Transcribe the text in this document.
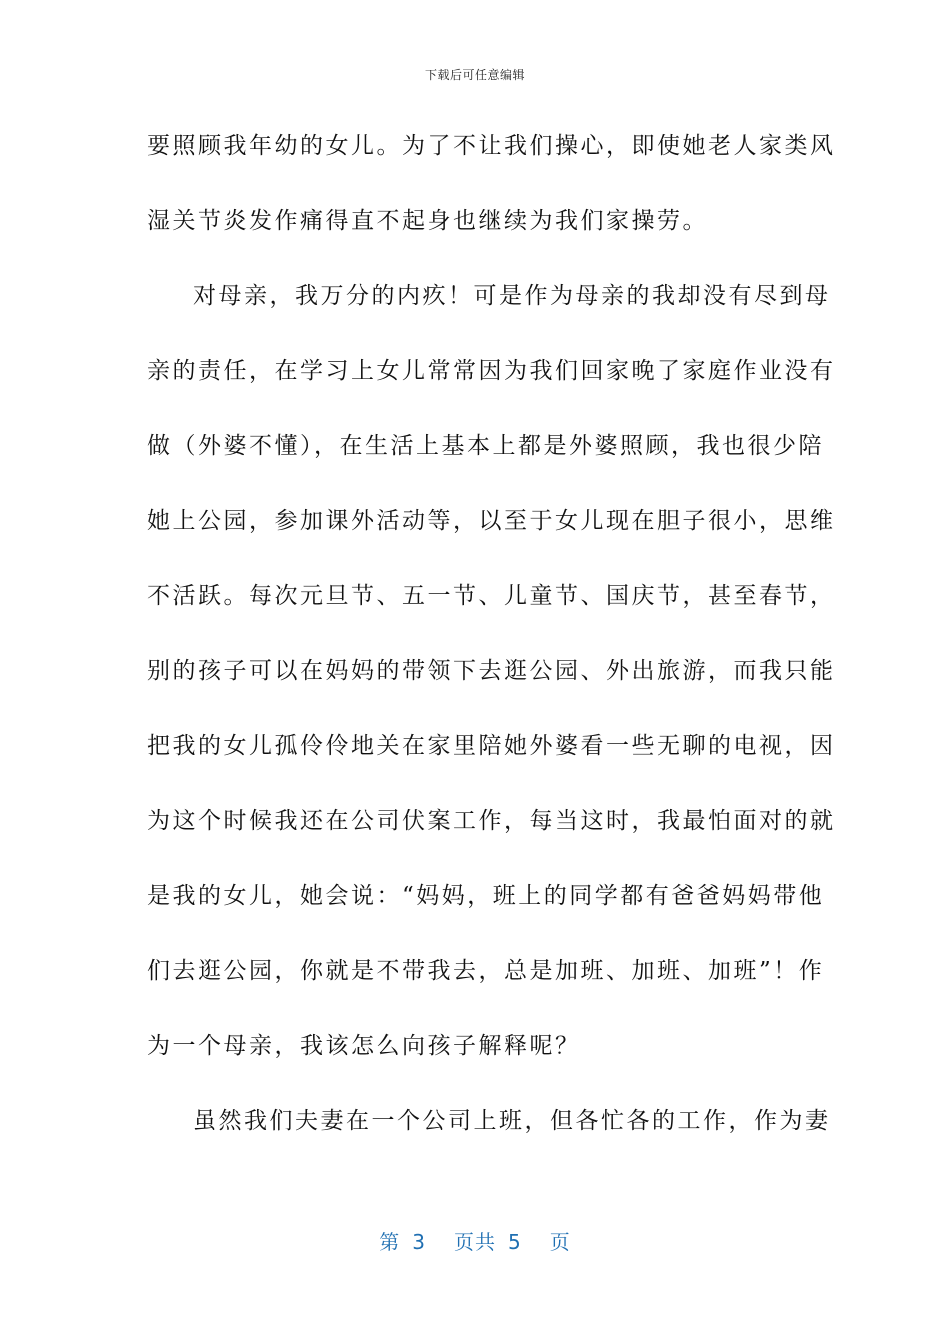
下载后可任意编辑
要照顾我年幼的女儿。为了不让我们操心，即使她老人家类风
湿关节炎发作痛得直不起身也继续为我们家操劳。
对母亲，我万分的内疚！可是作为母亲的我却没有尽到母
亲的责任，在学习上女儿常常因为我们回家晚了家庭作业没有
做（外婆不懂），在生活上基本上都是外婆照顾，我也很少陪
她上公园，参加课外活动等，以至于女儿现在胆子很小，思维
不活跃。每次元旦节、五一节、儿童节、国庆节，甚至春节，
别的孩子可以在妈妈的带领下去逛公园、外出旅游，而我只能
把我的女儿孤伶伶地关在家里陪她外婆看一些无聊的电视，因
为这个时候我还在公司伏案工作，每当这时，我最怕面对的就
是我的女儿，她会说：“妈妈，班上的同学都有爸爸妈妈带他
们去逛公园，你就是不带我去，总是加班、加班、加班”！作
为一个母亲，我该怎么向孩子解释呢？
虽然我们夫妻在一个公司上班，但各忙各的工作，作为妻
第 3 页共 5 页
